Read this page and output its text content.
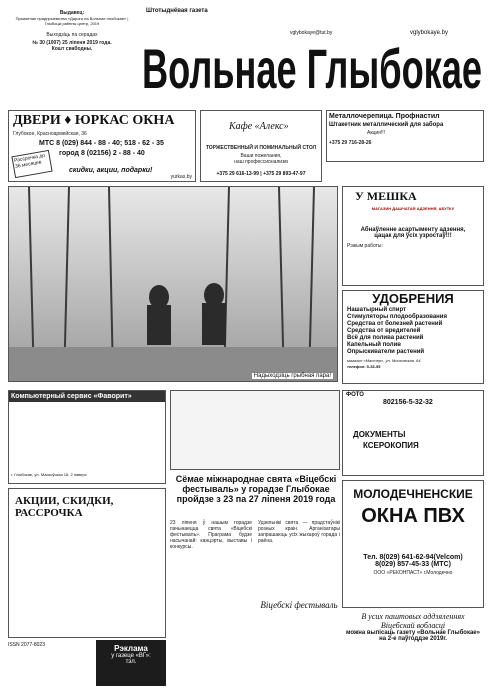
Выдавец:
Прыватнае прадпрыемства «Дарога на Вольнае глыбокае» | Глыбоцкі раённы цэнтр, 2019
Выходзіць па серадах
№ 30 (1007) 25 ліпеня 2019 года.
Кошт свабодны.
Штотыднёвая газета
vglybokaye@tut.by	vglybokaye.by
Вольнае Глыбокае
ДВЕРИ ♦ ЮРКАС ОКНА
Глубокое, Красноармейская, 36
МТС 8 (029) 844 - 88 - 40; 518 - 62 - 35
город 8 (02156) 2 - 88 - 40
Рассрочка до 36 месяцев
скидки, акции, подарки!
yurkas.by
Кафе «Алекс»
ТОРЖЕСТВЕННЫЙ И ПОМИНАЛЬНЫЙ СТОЛ
Ваши пожелания,
наш профессионализм
+375 29 616-13-99 | +375 29 893-47-97
Металлочерепица. Профнастил
Штакетник металлический для забора
Акция!!!
+375 29 716-28-26
Надыходзіць грыбная пара!
У МЕШКА
МАГАЗИН ДАШЧАТАЯ АДЗЕННЯ, АБУТКУ
Абнаўленне асартыменту адзення,
цацак для ўсіх узростаў!!!
Рэжым работы:
УДОБРЕНИЯ
Нашатырный спирт
Стимуляторы плодообразования
Средства от болезней растений
Средства от вредителей
Всё для полива растений
Капельный полив
Опрыскиватели растений
магазин «Мастер», ул. Московская, 64
телефон: 5-33-55
Компьютерный сервис «Фаворит»
г. Глыбокае, ул. Маскоўская 18, 2 паверх
ФОТО
802156-5-32-32
ДОКУМЕНТЫ
КСЕРОКОПИЯ
Сёмае міжнароднае свята «Віцебскі фестываль» у горадзе Глыбокае пройдзе з 23 па 27 ліпеня 2019 года
23 ліпеня ў нашым горадзе пачынаецца свята «Віцебскі фестываль». Праграма будзе насычанай: канцэрты, выставы і конкурсы.
Удзельнікі свята — прадстаўнікі розных краін. Арганізатары запрашаюць усіх жыхароў горада і раёна.
Віцебскі фестываль
АКЦИИ, СКИДКИ, РАССРОЧКА
ISSN 2077-8023	Рэклама
у газеце «ВГ»:
тэл.
МОЛОДЕЧНЕНСКИЕ
ОКНА ПВХ
Тел. 8(029) 641-62-94(Velcom)
8(029) 857-45-33 (МТС)
ООО «РЕКОНПАСТ» г.Молодечно
В усих паштовых аддзяленнях
Віцебскай вобласці
можна выпісаць газету «Вольнае Глыбокае»
на 2-е паўгоддзе 2019г.
